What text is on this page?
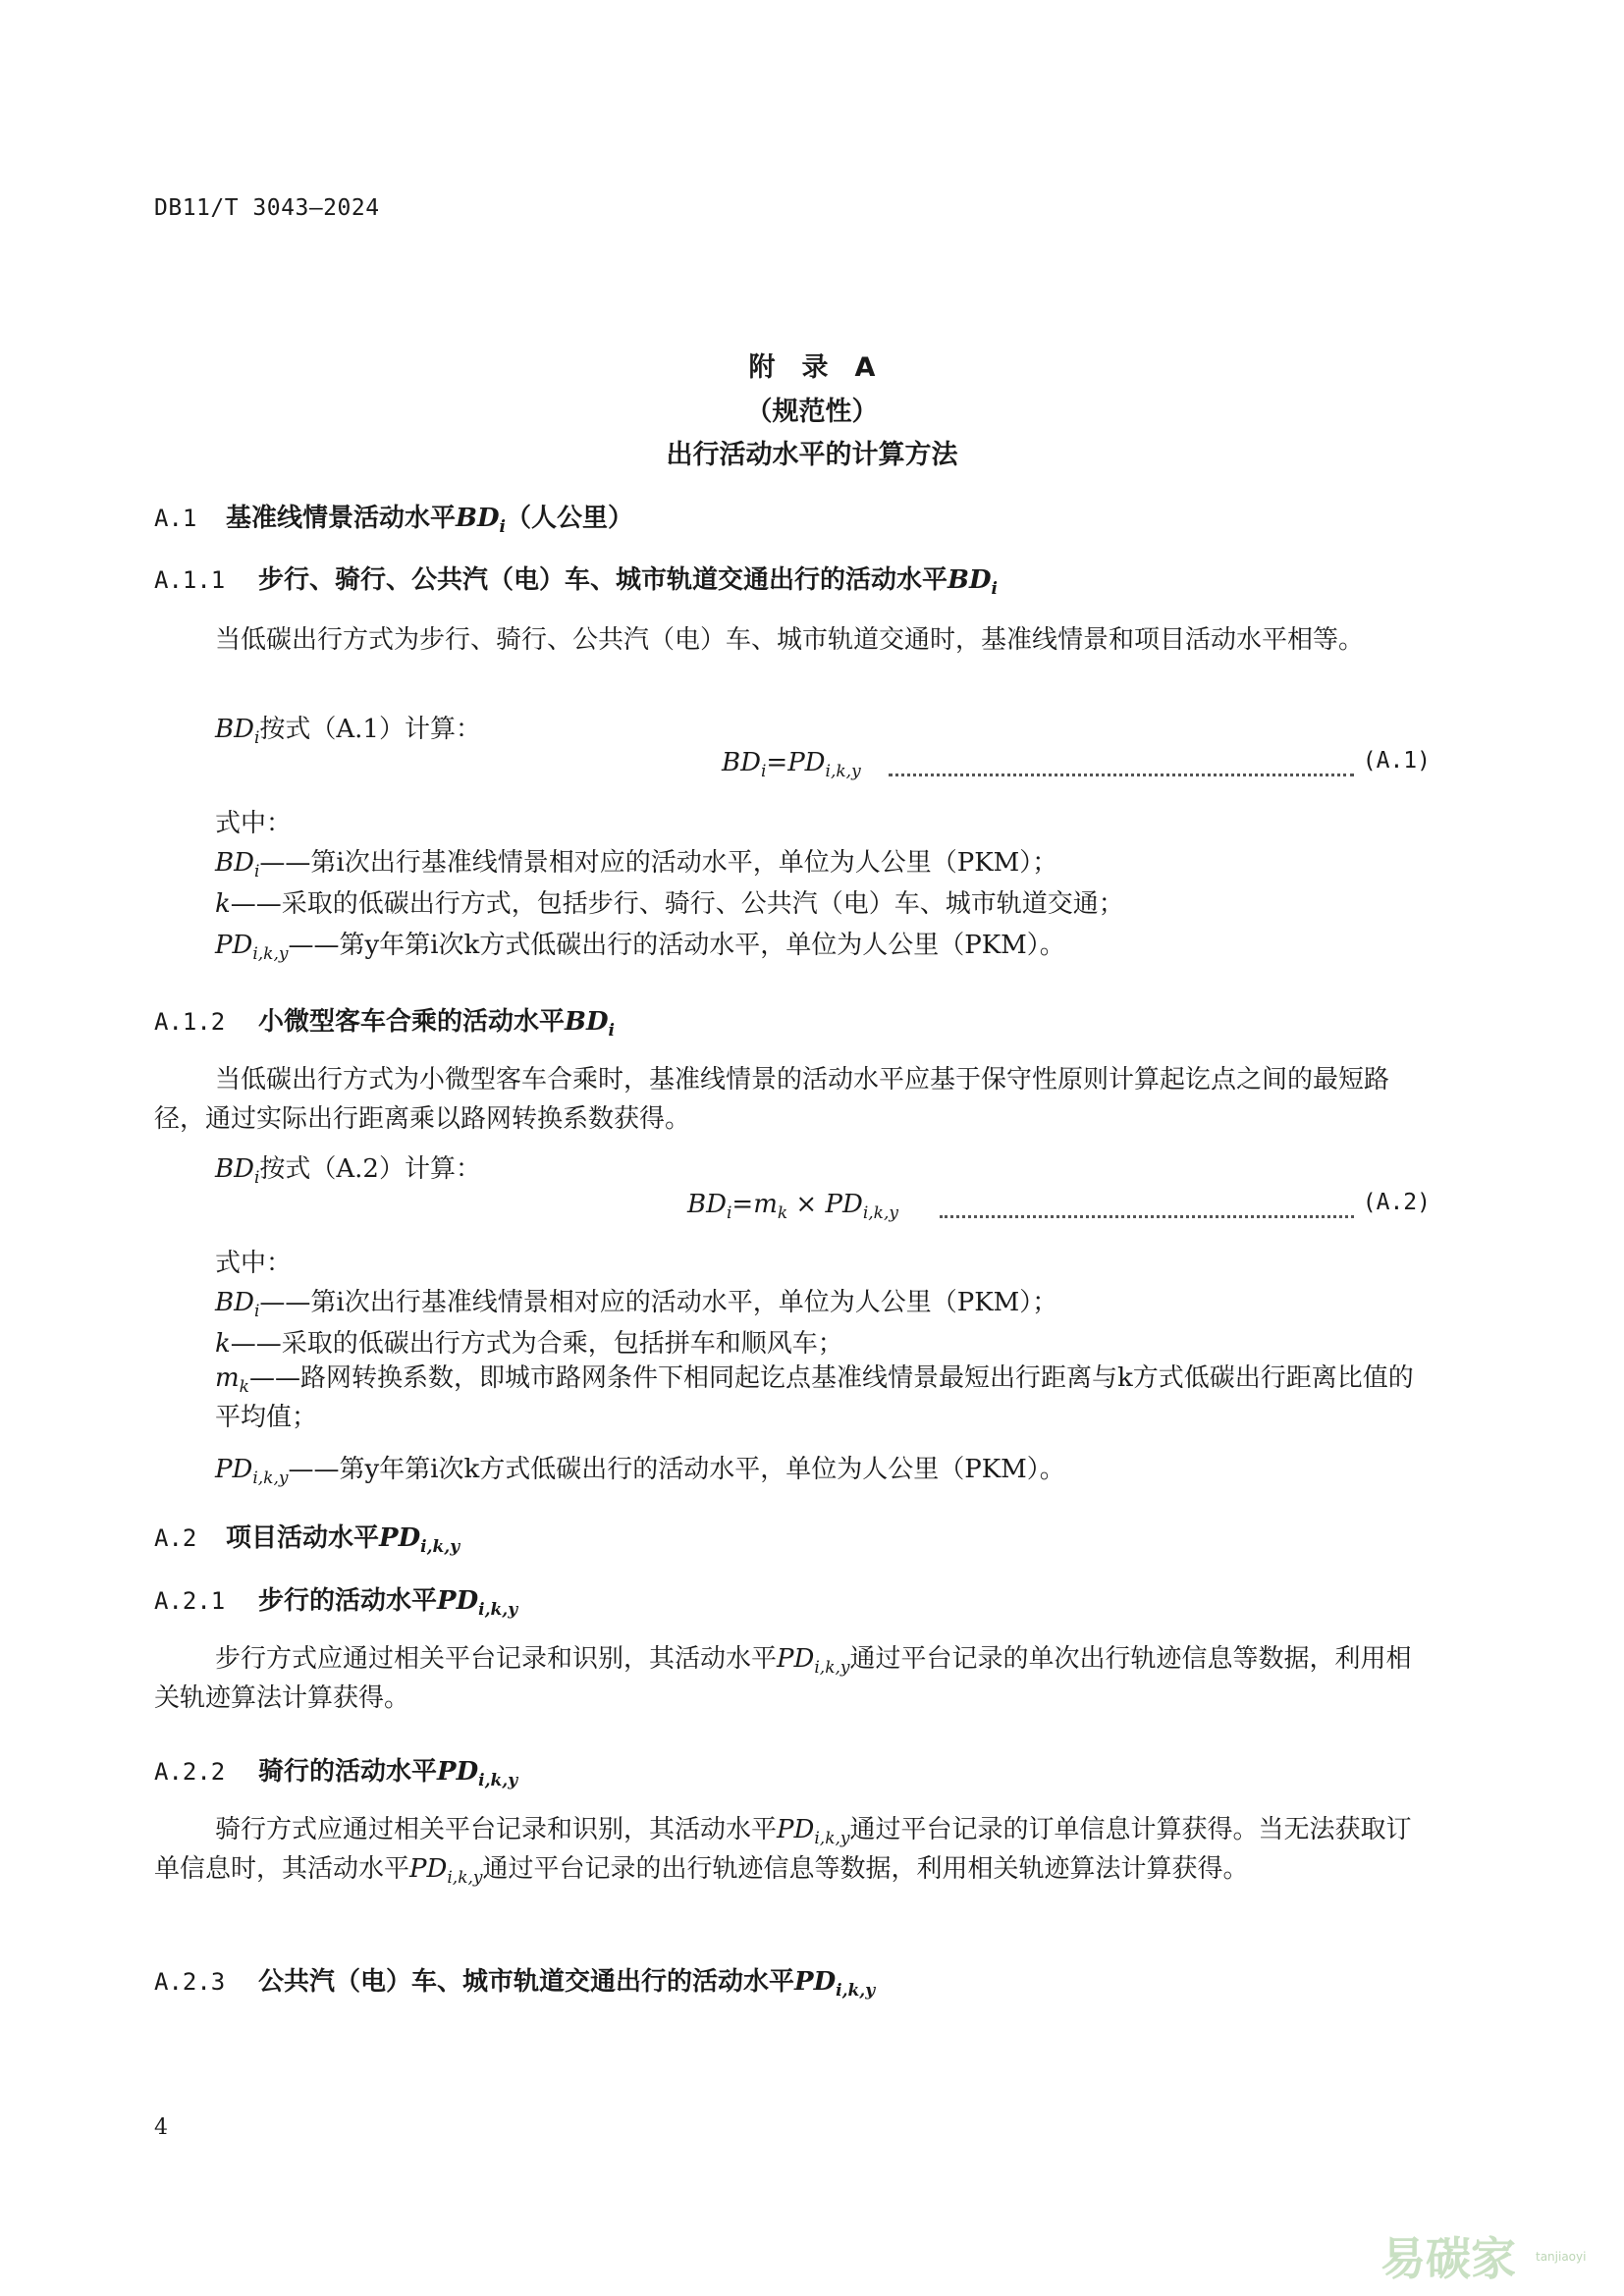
DB11/T 3043—2024
附　录　A
（规范性）
出行活动水平的计算方法
A.1 基准线情景活动水平$BD_i$（人公里）
A.1.1 步行、骑行、公共汽（电）车、城市轨道交通出行的活动水平$BD_i$
当低碳出行方式为步行、骑行、公共汽（电）车、城市轨道交通时，基准线情景和项目活动水平相等。
$BD_i$按式（A.1）计算：
$BD_i=PD_{i,k,y}$	(A.1)
式中：
$BD_i——$第i次出行基准线情景相对应的活动水平，单位为人公里（PKM）；
k——采取的低碳出行方式，包括步行、骑行、公共汽（电）车、城市轨道交通；
$PD_{i,k,y}——$第y年第i次k方式低碳出行的活动水平，单位为人公里（PKM）。
A.1.2 小微型客车合乘的活动水平$BD_i$
当低碳出行方式为小微型客车合乘时，基准线情景的活动水平应基于保守性原则计算起讫点之间的最短路径，通过实际出行距离乘以路网转换系数获得。
$BD_i$按式（A.2）计算：
$BD_i=m_k \times PD_{i,k,y}$	(A.2)
式中：
$BD_i——$第i次出行基准线情景相对应的活动水平，单位为人公里（PKM）；
k——采取的低碳出行方式为合乘，包括拼车和顺风车；
$m_k——$路网转换系数，即城市路网条件下相同起讫点基准线情景最短出行距离与k方式低碳出行距离比值的平均值；
$PD_{i,k,y}——$第y年第i次k方式低碳出行的活动水平，单位为人公里（PKM）。
A.2 项目活动水平$PD_{i,k,y}$
A.2.1 步行的活动水平$PD_{i,k,y}$
步行方式应通过相关平台记录和识别，其活动水平$PD_{i,k,y}$通过平台记录的单次出行轨迹信息等数据，利用相关轨迹算法计算获得。
A.2.2 骑行的活动水平$PD_{i,k,y}$
骑行方式应通过相关平台记录和识别，其活动水平$PD_{i,k,y}$通过平台记录的订单信息计算获得。当无法获取订单信息时，其活动水平$PD_{i,k,y}$通过平台记录的出行轨迹信息等数据，利用相关轨迹算法计算获得。
A.2.3 公共汽（电）车、城市轨道交通出行的活动水平$PD_{i,k,y}$
4
易碳家 tanjiaoyi
